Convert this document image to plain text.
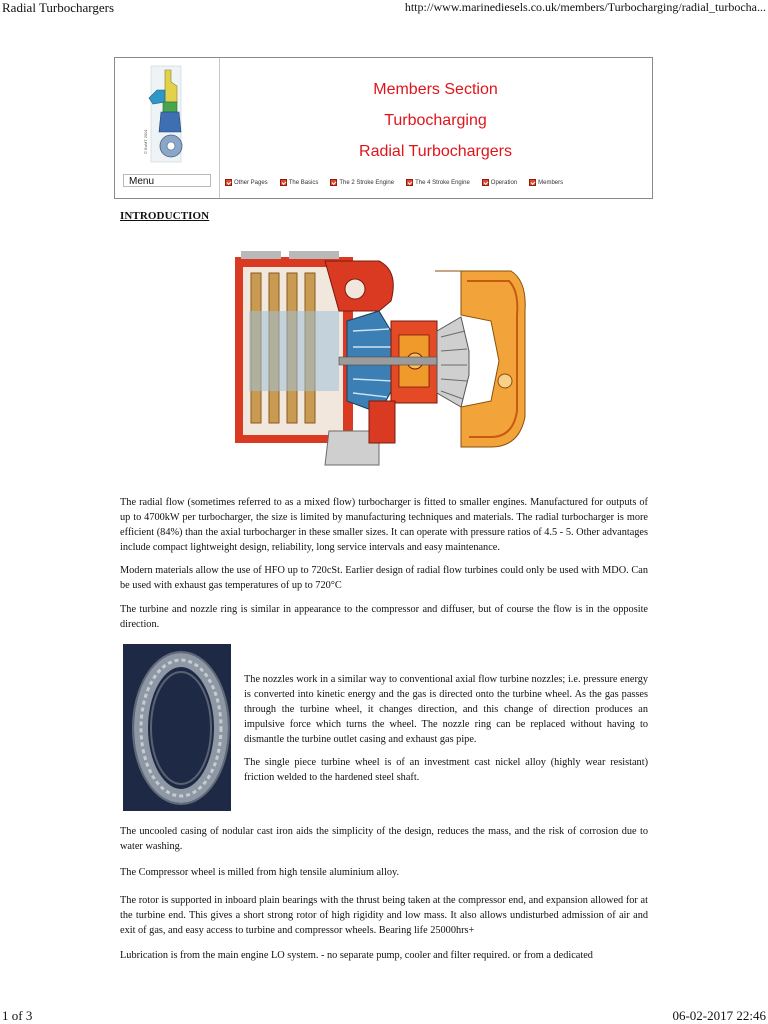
Radial Turbochargers	http://www.marinediesels.co.uk/members/Turbocharging/radial_turbocha...
© BuMT 2001
Menu
Members Section
Turbocharging
Radial Turbochargers
Other Pages	The Basics	The 2 Stroke Engine	The 4 Stroke Engine	Operation	Members
INTRODUCTION

The radial flow (sometimes referred to as a mixed flow) turbocharger is fitted to smaller engines. Manufactured for outputs of up to 4700kW per turbocharger, the size is limited by manufacturing techniques and materials. The radial turbocharger is more efficient (84%) than the axial turbocharger in these smaller sizes. It can operate with pressure ratios of 4.5 - 5. Other advantages include compact lightweight design, reliability, long service intervals and easy maintenance.

Modern materials allow the use of HFO up to 720cSt. Earlier design of radial flow turbines could only be used with MDO. Can be used with exhaust gas temperatures of up to 720°C

The turbine and nozzle ring is similar in appearance to the compressor and diffuser, but of course the flow is in the opposite direction.

The nozzles work in a similar way to conventional axial flow turbine nozzles; i.e. pressure energy is converted into kinetic energy and the gas is directed onto the turbine wheel. As the gas passes through the turbine wheel, it changes direction, and this change of direction produces an impulsive force which turns the wheel. The nozzle ring can be replaced without having to dismantle the turbine outlet casing and exhaust gas pipe.

The single piece turbine wheel is of an investment cast nickel alloy (highly wear resistant) friction welded to the hardened steel shaft.

The uncooled casing of nodular cast iron aids the simplicity of the design, reduces the mass, and the risk of corrosion due to water washing.

The Compressor wheel is milled from high tensile aluminium alloy.

The rotor is supported in inboard plain bearings with the thrust being taken at the compressor end, and expansion allowed for at the turbine end. This gives a short strong rotor of high rigidity and low mass. It also allows undisturbed admission of air and exit of gas, and easy access to turbine and compressor wheels. Bearing life 25000hrs+

Lubrication is from the main engine LO system. - no separate pump, cooler and filter required. or from a dedicated

1 of 3	06-02-2017 22:46
